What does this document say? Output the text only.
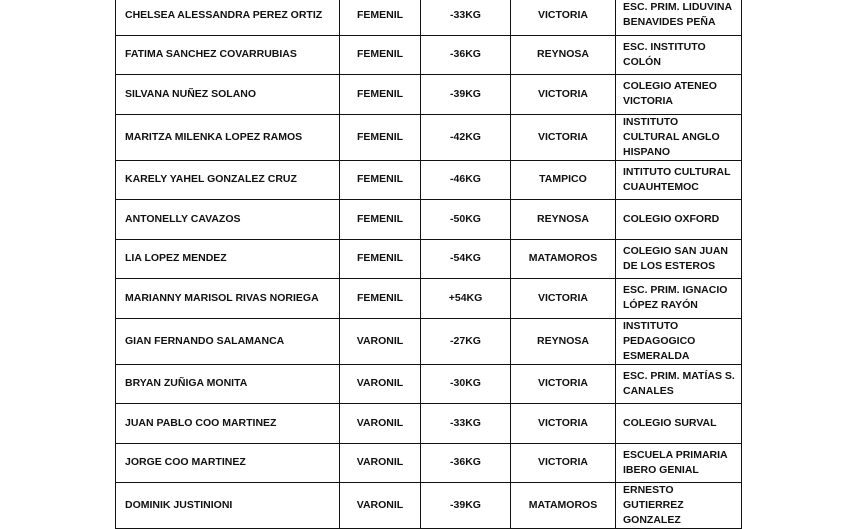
CHELSEA ALESSANDRA PEREZ ORTIZ	FEMENIL	-33KG	VICTORIA	ESC. PRIM. LIDUVINA BENAVIDES PEÑA
FATIMA SANCHEZ COVARRUBIAS	FEMENIL	-36KG	REYNOSA	ESC. INSTITUTO COLÓN
SILVANA NUÑEZ SOLANO	FEMENIL	-39KG	VICTORIA	COLEGIO ATENEO VICTORIA
MARITZA MILENKA LOPEZ RAMOS	FEMENIL	-42KG	VICTORIA	INSTITUTO CULTURAL ANGLO HISPANO
KARELY YAHEL GONZALEZ CRUZ	FEMENIL	-46KG	TAMPICO	INTITUTO CULTURAL CUAUHTEMOC
ANTONELLY CAVAZOS	FEMENIL	-50KG	REYNOSA	COLEGIO OXFORD
LIA LOPEZ MENDEZ	FEMENIL	-54KG	MATAMOROS	COLEGIO SAN JUAN DE LOS ESTEROS
MARIANNY MARISOL RIVAS NORIEGA	FEMENIL	+54KG	VICTORIA	ESC. PRIM. IGNACIO LÓPEZ RAYÓN
GIAN FERNANDO SALAMANCA	VARONIL	-27KG	REYNOSA	INSTITUTO PEDAGOGICO ESMERALDA
BRYAN ZUÑIGA MONITA	VARONIL	-30KG	VICTORIA	ESC. PRIM. MATÍAS S. CANALES
JUAN PABLO COO MARTINEZ	VARONIL	-33KG	VICTORIA	COLEGIO SURVAL
JORGE COO MARTINEZ	VARONIL	-36KG	VICTORIA	ESCUELA PRIMARIA IBERO GENIAL
DOMINIK JUSTINIONI	VARONIL	-39KG	MATAMOROS	ERNESTO GUTIERREZ GONZALEZ
